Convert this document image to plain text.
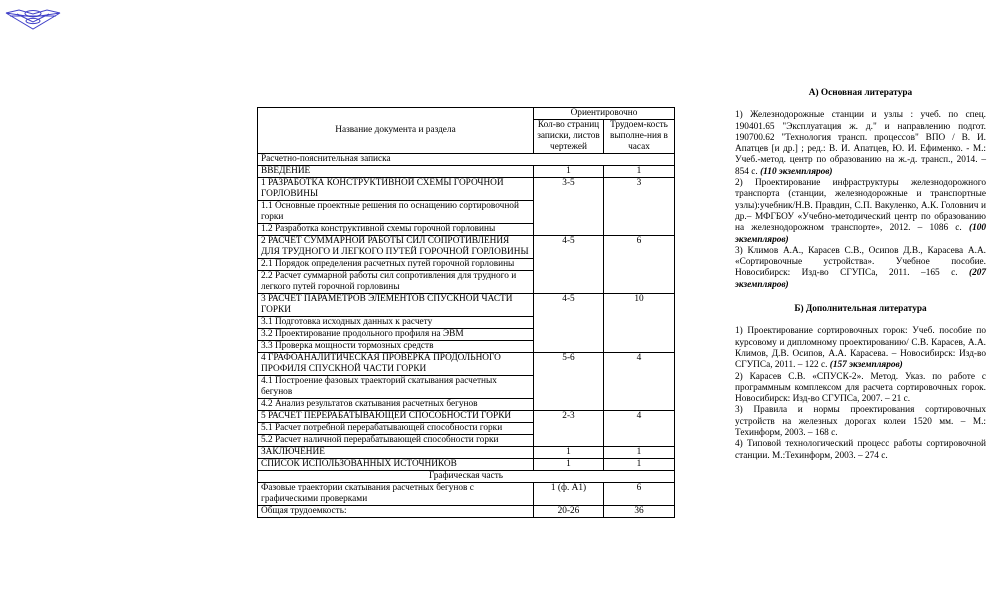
Название документа и раздела	Ориентировочно	
	Кол-во страниц записки, листов чертежей	Трудоем-кость выполне-ния в часах
Расчетно-пояснительная записка		
ВВЕДЕНИЕ	1	1
1 РАЗРАБОТКА КОНСТРУКТИВНОЙ СХЕМЫ ГОРОЧНОЙ ГОРЛОВИНЫ	3-5	3
1.1 Основные проектные решения по оснащению сортировочной горки		
1.2 Разработка конструктивной схемы горочной горловины		
2 РАСЧЕТ СУММАРНОЙ РАБОТЫ СИЛ СОПРОТИВЛЕНИЯ ДЛЯ ТРУДНОГО И ЛЕГКОГО ПУТЕЙ ГОРОЧНОЙ ГОРЛОВИНЫ	4-5	6
2.1 Порядок определения расчетных путей горочной горловины		
2.2 Расчет суммарной работы сил сопротивления для трудного и легкого путей горочной горловины		
3 РАСЧЕТ ПАРАМЕТРОВ ЭЛЕМЕНТОВ СПУСКНОЙ ЧАСТИ ГОРКИ	4-5	10
3.1 Подготовка исходных данных к расчету		
3.2 Проектирование продольного профиля на ЭВМ		
3.3 Проверка мощности тормозных средств		
4 ГРАФОАНАЛИТИЧЕСКАЯ ПРОВЕРКА ПРОДОЛЬНОГО ПРОФИЛЯ СПУСКНОЙ ЧАСТИ ГОРКИ	5-6	4
4.1 Построение фазовых траекторий скатывания расчетных бегунов		
4.2 Анализ результатов скатывания расчетных бегунов		
5 РАСЧЕТ ПЕРЕРАБАТЫВАЮЩЕЙ СПОСОБНОСТИ ГОРКИ	2-3	4
5.1 Расчет потребной перерабатывающей способности горки		
5.2 Расчет наличной перерабатывающей способности горки		
ЗАКЛЮЧЕНИЕ	1	1
СПИСОК ИСПОЛЬЗОВАННЫХ ИСТОЧНИКОВ	1	1
Графическая часть		
Фазовые траектории скатывания расчетных бегунов с графическими проверками	1 (ф. А1)	6
Общая трудоемкость:	20-26	36
А) Основная литература

1) Железнодорожные станции и узлы : учеб. по спец. 190401.65 "Эксплуатация ж. д." и направлению подгот. 190700.62 "Технология трансп. процессов" ВПО / В. И. Апатцев [и др.] ; ред.: В. И. Апатцев, Ю. И. Ефименко. - М.: Учеб.-метод. центр по образованию на ж.-д. трансп., 2014. – 854 с. (110 экземпляров)

2) Проектирование инфраструктуры железнодорожного транспорта (станции, железнодорожные и транспортные узлы):учебник/Н.В. Правдин, С.П. Вакуленко, А.К. Головнич и др.– МФГБОУ «Учебно-методический центр по образованию на железнодорожном транспорте», 2012. – 1086 с. (100 экземпляров)

3) Климов А.А., Карасев С.В., Осипов Д.В., Карасева А.А. «Сортировочные устройства». Учебное пособие. Новосибирск: Изд-во СГУПСа, 2011. –165 с. (207 экземпляров)

Б) Дополнительная литература

1) Проектирование сортировочных горок: Учеб. пособие по курсовому и дипломному проектированию/ С.В. Карасев, А.А. Климов, Д.В. Осипов, А.А. Карасева. – Новосибирск: Изд-во СГУПСа, 2011. – 122 с. (157 экземпляров)

2) Карасев С.В. «СПУСК-2». Метод. Указ. по работе с программным комплексом для расчета сортировочных горок. Новосибирск: Изд-во СГУПСа, 2007. – 21 с.

3) Правила и нормы проектирования сортировочных устройств на железных дорогах колеи 1520 мм. – М.: Техинформ, 2003. – 168 с.

4) Типовой технологический процесс работы сортировочной станции. М.:Техинформ, 2003. – 274 с.
